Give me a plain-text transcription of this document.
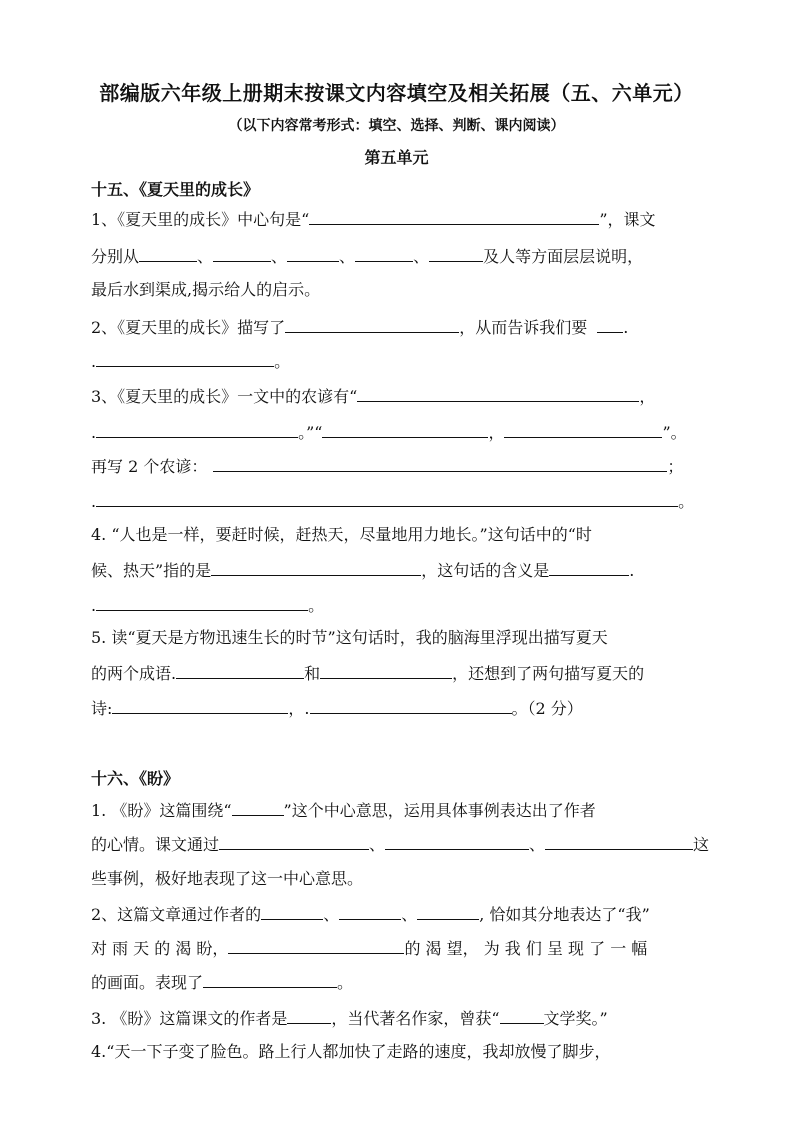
部编版六年级上册期末按课文内容填空及相关拓展（五、六单元）
（以下内容常考形式：填空、选择、判断、课内阅读）
第五单元
十五、《夏天里的成长》
1、《夏天里的成长》中心句是“	”，课文
分别从	、	、	、	、	及人等方面层层说明，
最后水到渠成,揭示给人的启示。
2、《夏天里的成长》描写了	，从而告诉我们要 .
.	。
3、《夏天里的成长》一文中的农谚有“	，
.	。”“	，	”。
再写 2 个农谚：	；
.	。
4. “人也是一样，要赶时候，赶热天，尽量地用力地长。”这句话中的“时
候、热天”指的是	，这句话的含义是	.
.	。
5. 读“夏天是方物迅速生长的时节”这句话时，我的脑海里浮现出描写夏天
的两个成语.	和	，还想到了两句描写夏天的
诗:	，.	。（2 分）
十六、《盼》
1. 《盼》这篇围绕“	”这个中心意思，运用具体事例表达出了作者
的心情。课文通过	、	、	这
些事例，极好地表现了这一中心意思。
2、这篇文章通过作者的	、	、	, 恰如其分地表达了“我”
对 雨 天 的 渴 盼，	的 渴 望， 为 我 们 呈 现 了 一 幅
的画面。表现了	。
3. 《盼》这篇课文的作者是	，当代著名作家，曾获“	文学奖。”
4.“天一下子变了脸色。路上行人都加快了走路的速度，我却放慢了脚步，
